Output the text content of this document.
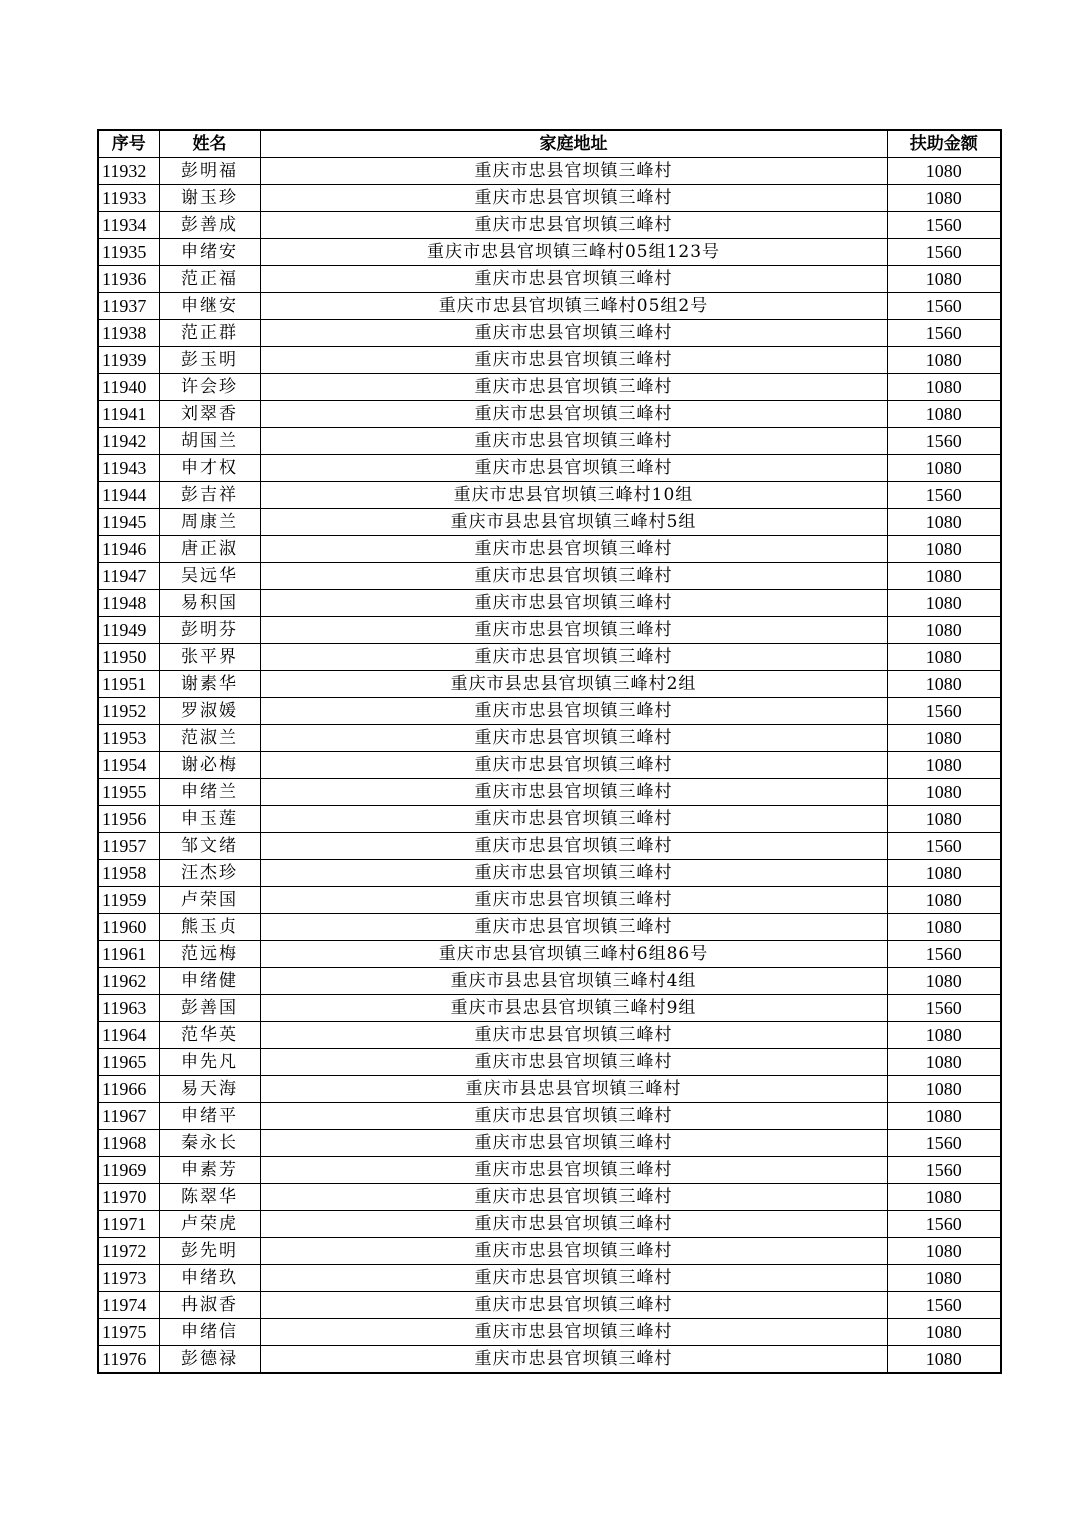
序号	姓名	家庭地址	扶助金额
11932	彭明福	重庆市忠县官坝镇三峰村	1080
11933	谢玉珍	重庆市忠县官坝镇三峰村	1080
11934	彭善成	重庆市忠县官坝镇三峰村	1560
11935	申绪安	重庆市忠县官坝镇三峰村05组123号	1560
11936	范正福	重庆市忠县官坝镇三峰村	1080
11937	申继安	重庆市忠县官坝镇三峰村05组2号	1560
11938	范正群	重庆市忠县官坝镇三峰村	1560
11939	彭玉明	重庆市忠县官坝镇三峰村	1080
11940	许会珍	重庆市忠县官坝镇三峰村	1080
11941	刘翠香	重庆市忠县官坝镇三峰村	1080
11942	胡国兰	重庆市忠县官坝镇三峰村	1560
11943	申才权	重庆市忠县官坝镇三峰村	1080
11944	彭吉祥	重庆市忠县官坝镇三峰村10组	1560
11945	周康兰	重庆市县忠县官坝镇三峰村5组	1080
11946	唐正淑	重庆市忠县官坝镇三峰村	1080
11947	吴远华	重庆市忠县官坝镇三峰村	1080
11948	易积国	重庆市忠县官坝镇三峰村	1080
11949	彭明芬	重庆市忠县官坝镇三峰村	1080
11950	张平界	重庆市忠县官坝镇三峰村	1080
11951	谢素华	重庆市县忠县官坝镇三峰村2组	1080
11952	罗淑媛	重庆市忠县官坝镇三峰村	1560
11953	范淑兰	重庆市忠县官坝镇三峰村	1080
11954	谢必梅	重庆市忠县官坝镇三峰村	1080
11955	申绪兰	重庆市忠县官坝镇三峰村	1080
11956	申玉莲	重庆市忠县官坝镇三峰村	1080
11957	邹文绪	重庆市忠县官坝镇三峰村	1560
11958	汪杰珍	重庆市忠县官坝镇三峰村	1080
11959	卢荣国	重庆市忠县官坝镇三峰村	1080
11960	熊玉贞	重庆市忠县官坝镇三峰村	1080
11961	范远梅	重庆市忠县官坝镇三峰村6组86号	1560
11962	申绪健	重庆市县忠县官坝镇三峰村4组	1080
11963	彭善国	重庆市县忠县官坝镇三峰村9组	1560
11964	范华英	重庆市忠县官坝镇三峰村	1080
11965	申先凡	重庆市忠县官坝镇三峰村	1080
11966	易天海	重庆市县忠县官坝镇三峰村	1080
11967	申绪平	重庆市忠县官坝镇三峰村	1080
11968	秦永长	重庆市忠县官坝镇三峰村	1560
11969	申素芳	重庆市忠县官坝镇三峰村	1560
11970	陈翠华	重庆市忠县官坝镇三峰村	1080
11971	卢荣虎	重庆市忠县官坝镇三峰村	1560
11972	彭先明	重庆市忠县官坝镇三峰村	1080
11973	申绪玖	重庆市忠县官坝镇三峰村	1080
11974	冉淑香	重庆市忠县官坝镇三峰村	1560
11975	申绪信	重庆市忠县官坝镇三峰村	1080
11976	彭德禄	重庆市忠县官坝镇三峰村	1080
